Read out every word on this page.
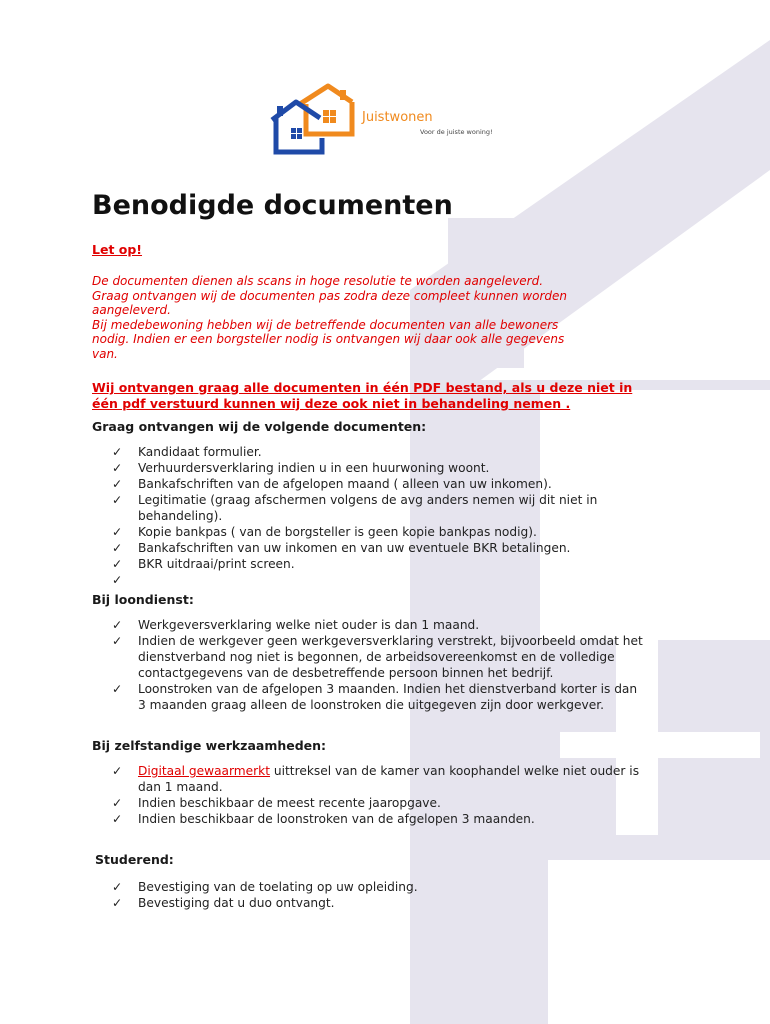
Juistwonen
Voor de juiste woning!
Benodigde documenten

Let op!

De documenten dienen als scans in hoge resolutie te worden aangeleverd.
Graag ontvangen wij de documenten pas zodra deze compleet kunnen worden
aangeleverd.
Bij medebewoning hebben wij de betreffende documenten van alle bewoners
nodig. Indien er een borgsteller nodig is ontvangen wij daar ook alle gegevens
van.
Wij ontvangen graag alle documenten in één PDF bestand, als u deze niet in
één pdf verstuurd kunnen wij deze ook niet in behandeling nemen .

Graag ontvangen wij de volgende documenten:

✓	Kandidaat formulier.
✓	Verhuurdersverklaring indien u in een huurwoning woont.
✓	Bankafschriften van de afgelopen maand ( alleen van uw inkomen).
✓	Legitimatie (graag afschermen volgens de avg anders nemen wij dit niet in
behandeling).
✓	Kopie bankpas ( van de borgsteller is geen kopie bankpas nodig).
✓	Bankafschriften van uw inkomen en van uw eventuele BKR betalingen.
✓	BKR uitdraai/print screen.
✓

Bij loondienst:

✓	Werkgeversverklaring welke niet ouder is dan 1 maand.
✓	Indien de werkgever geen werkgeversverklaring verstrekt, bijvoorbeeld omdat het
dienstverband nog niet is begonnen, de arbeidsovereenkomst en de volledige
contactgegevens van de desbetreffende persoon binnen het bedrijf.
✓	Loonstroken van de afgelopen 3 maanden. Indien het dienstverband korter is dan
3 maanden graag alleen de loonstroken die uitgegeven zijn door werkgever.

Bij zelfstandige werkzaamheden:

✓	Digitaal gewaarmerkt uittreksel van de kamer van koophandel welke niet ouder is
dan 1 maand.
✓	Indien beschikbaar de meest recente jaaropgave.
✓	Indien beschikbaar de loonstroken van de afgelopen 3 maanden.

Studerend:

✓	Bevestiging van de toelating op uw opleiding.
✓	Bevestiging dat u duo ontvangt.
